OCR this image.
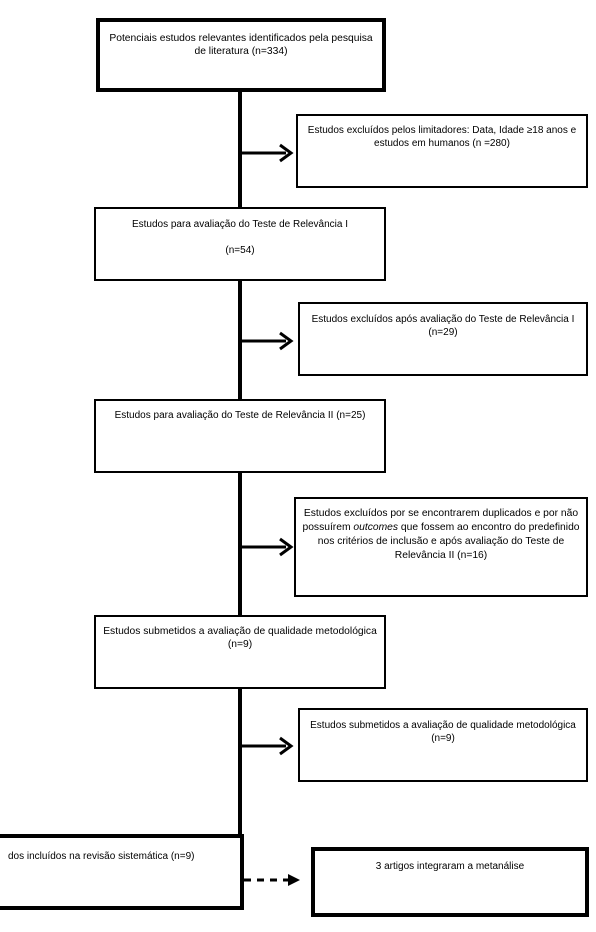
Potenciais estudos relevantes identificados pela pesquisa de literatura (n=334)

Estudos excluídos pelos limitadores: Data, Idade ≥18 anos e estudos em humanos (n =280)

Estudos para avaliação do Teste de Relevância I

(n=54)

Estudos excluídos após avaliação do Teste de Relevância I (n=29)

Estudos para avaliação do Teste de Relevância II (n=25)

Estudos excluídos por se encontrarem duplicados e por não possuírem outcomes que fossem ao encontro do predefinido nos critérios de inclusão e após avaliação do Teste de Relevância II (n=16)

Estudos submetidos a avaliação de qualidade metodológica (n=9)

Estudos submetidos a avaliação de qualidade metodológica (n=9)

dos incluídos na revisão sistemática (n=9)

3 artigos integraram a metanálise
